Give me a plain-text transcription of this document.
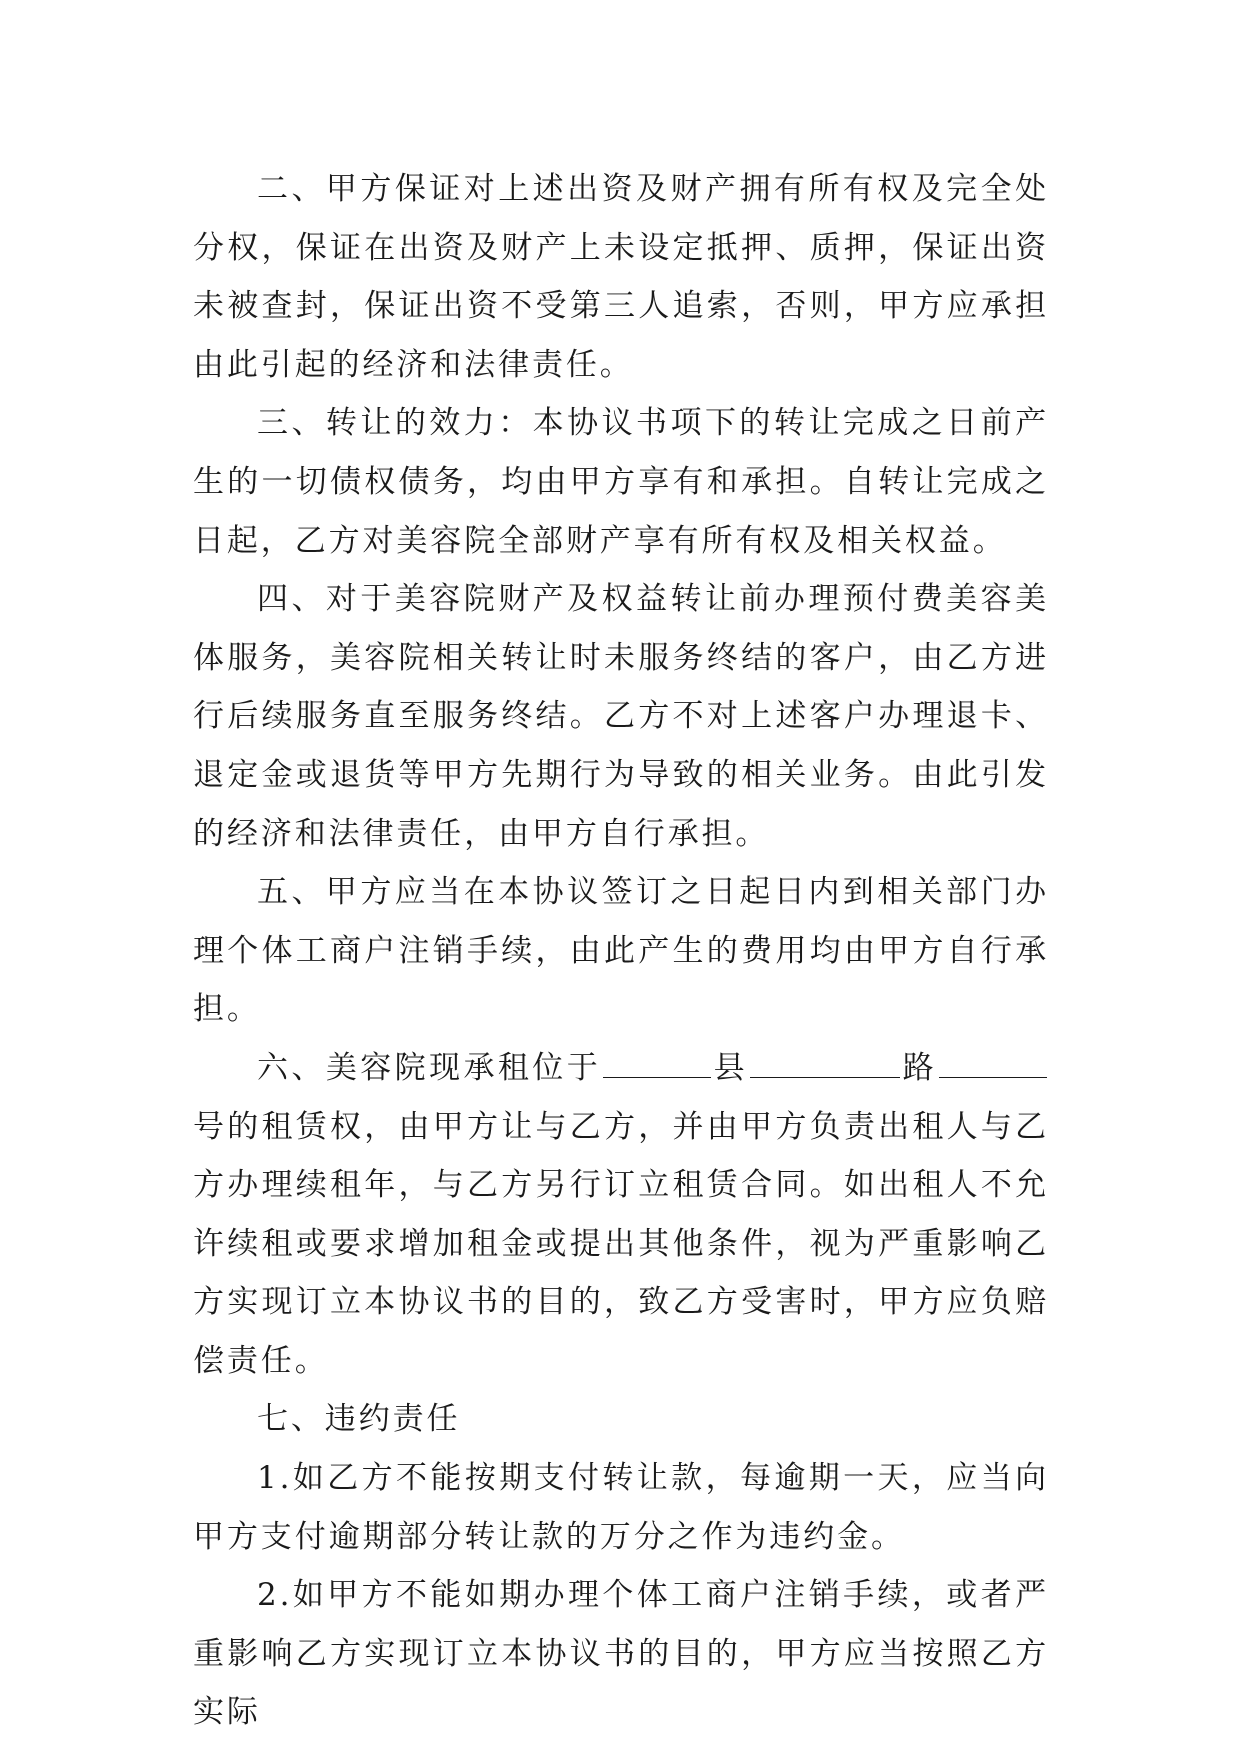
二、甲方保证对上述出资及财产拥有所有权及完全处分权，保证在出资及财产上未设定抵押、质押，保证出资未被查封，保证出资不受第三人追索，否则，甲方应承担由此引起的经济和法律责任。

三、转让的效力：本协议书项下的转让完成之日前产生的一切债权债务，均由甲方享有和承担。自转让完成之日起，乙方对美容院全部财产享有所有权及相关权益。

四、对于美容院财产及权益转让前办理预付费美容美体服务，美容院相关转让时未服务终结的客户，由乙方进行后续服务直至服务终结。乙方不对上述客户办理退卡、退定金或退货等甲方先期行为导致的相关业务。由此引发的经济和法律责任，由甲方自行承担。

五、甲方应当在本协议签订之日起日内到相关部门办理个体工商户注销手续，由此产生的费用均由甲方自行承担。

六、美容院现承租位于	县	路号的租赁权，由甲方让与乙方，并由甲方负责出租人与乙方办理续租年，与乙方另行订立租赁合同。如出租人不允许续租或要求增加租金或提出其他条件，视为严重影响乙方实现订立本协议书的目的，致乙方受害时，甲方应负赔偿责任。

七、违约责任

1.如乙方不能按期支付转让款，每逾期一天，应当向甲方支付逾期部分转让款的万分之作为违约金。

2.如甲方不能如期办理个体工商户注销手续，或者严重影响乙方实现订立本协议书的目的，甲方应当按照乙方实际
